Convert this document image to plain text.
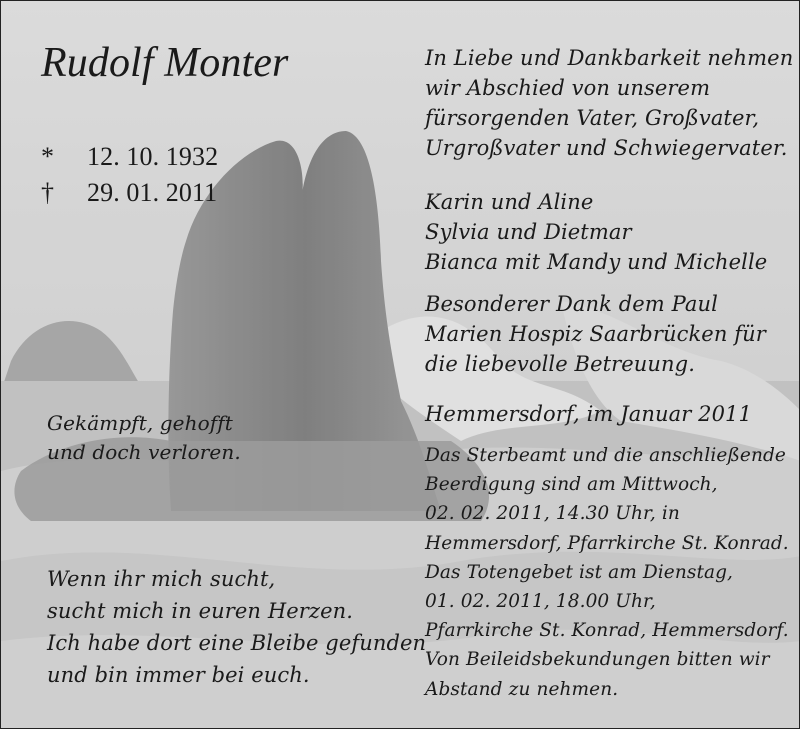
Rudolf Monter
* 12. 10. 1932
† 29. 01. 2011
Gekämpft, gehofft
und doch verloren.
Wenn ihr mich sucht,
sucht mich in euren Herzen.
Ich habe dort eine Bleibe gefunden
und bin immer bei euch.
In Liebe und Dankbarkeit nehmen
wir Abschied von unserem
fürsorgenden Vater, Großvater,
Urgroßvater und Schwiegervater.
Karin und Aline
Sylvia und Dietmar
Bianca mit Mandy und Michelle
Besonderer Dank dem Paul
Marien Hospiz Saarbrücken für
die liebevolle Betreuung.
Hemmersdorf, im Januar 2011
Das Sterbeamt und die anschließende
Beerdigung sind am Mittwoch,
02. 02. 2011, 14.30 Uhr, in
Hemmersdorf, Pfarrkirche St. Konrad.
Das Totengebet ist am Dienstag,
01. 02. 2011, 18.00 Uhr,
Pfarrkirche St. Konrad, Hemmersdorf.
Von Beileidsbekundungen bitten wir
Abstand zu nehmen.
